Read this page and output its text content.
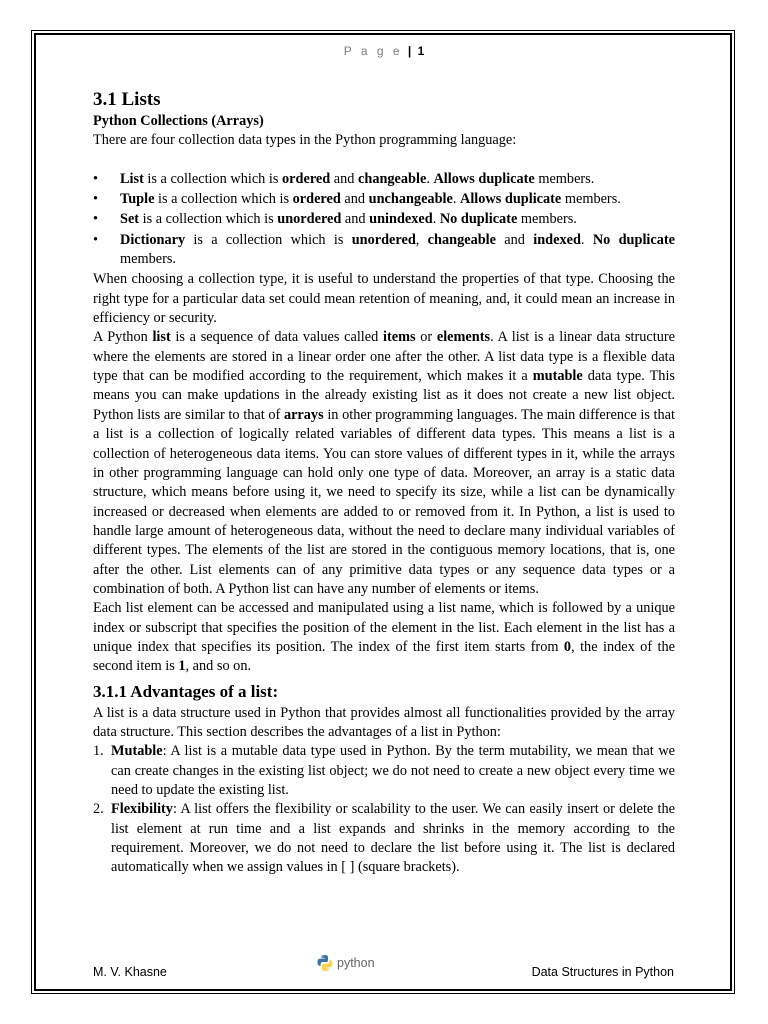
P a g e | 1
3.1 Lists

Python Collections (Arrays)

There are four collection data types in the Python programming language:

• List is a collection which is ordered and changeable. Allows duplicate members.
• Tuple is a collection which is ordered and unchangeable. Allows duplicate members.
• Set is a collection which is unordered and unindexed. No duplicate members.
• Dictionary is a collection which is unordered, changeable and indexed. No duplicate members.

When choosing a collection type, it is useful to understand the properties of that type. Choosing the right type for a particular data set could mean retention of meaning, and, it could mean an increase in efficiency or security.

A Python list is a sequence of data values called items or elements. A list is a linear data structure where the elements are stored in a linear order one after the other. A list data type is a flexible data type that can be modified according to the requirement, which makes it a mutable data type. This means you can make updations in the already existing list as it does not create a new list object. Python lists are similar to that of arrays in other programming languages. The main difference is that a list is a collection of logically related variables of different data types. This means a list is a collection of heterogeneous data items. You can store values of different types in it, while the arrays in other programming language can hold only one type of data. Moreover, an array is a static data structure, which means before using it, we need to specify its size, while a list can be dynamically increased or decreased when elements are added to or removed from it. In Python, a list is used to handle large amount of heterogeneous data, without the need to declare many individual variables of different types. The elements of the list are stored in the contiguous memory locations, that is, one after the other. List elements can of any primitive data types or any sequence data types or a combination of both. A Python list can have any number of elements or items.

Each list element can be accessed and manipulated using a list name, which is followed by a unique index or subscript that specifies the position of the element in the list. Each element in the list has a unique index that specifies its position. The index of the first item starts from 0, the index of the second item is 1, and so on.

3.1.1 Advantages of a list:

A list is a data structure used in Python that provides almost all functionalities provided by the array data structure. This section describes the advantages of a list in Python:

1. Mutable: A list is a mutable data type used in Python. By the term mutability, we mean that we can create changes in the existing list object; we do not need to create a new object every time we need to update the existing list.
2. Flexibility: A list offers the flexibility or scalability to the user. We can easily insert or delete the list element at run time and a list expands and shrinks in the memory according to the requirement. Moreover, we do not need to declare the list before using it. The list is declared automatically when we assign values in [ ] (square brackets).
M. V. Khasne
python
Data Structures in Python
